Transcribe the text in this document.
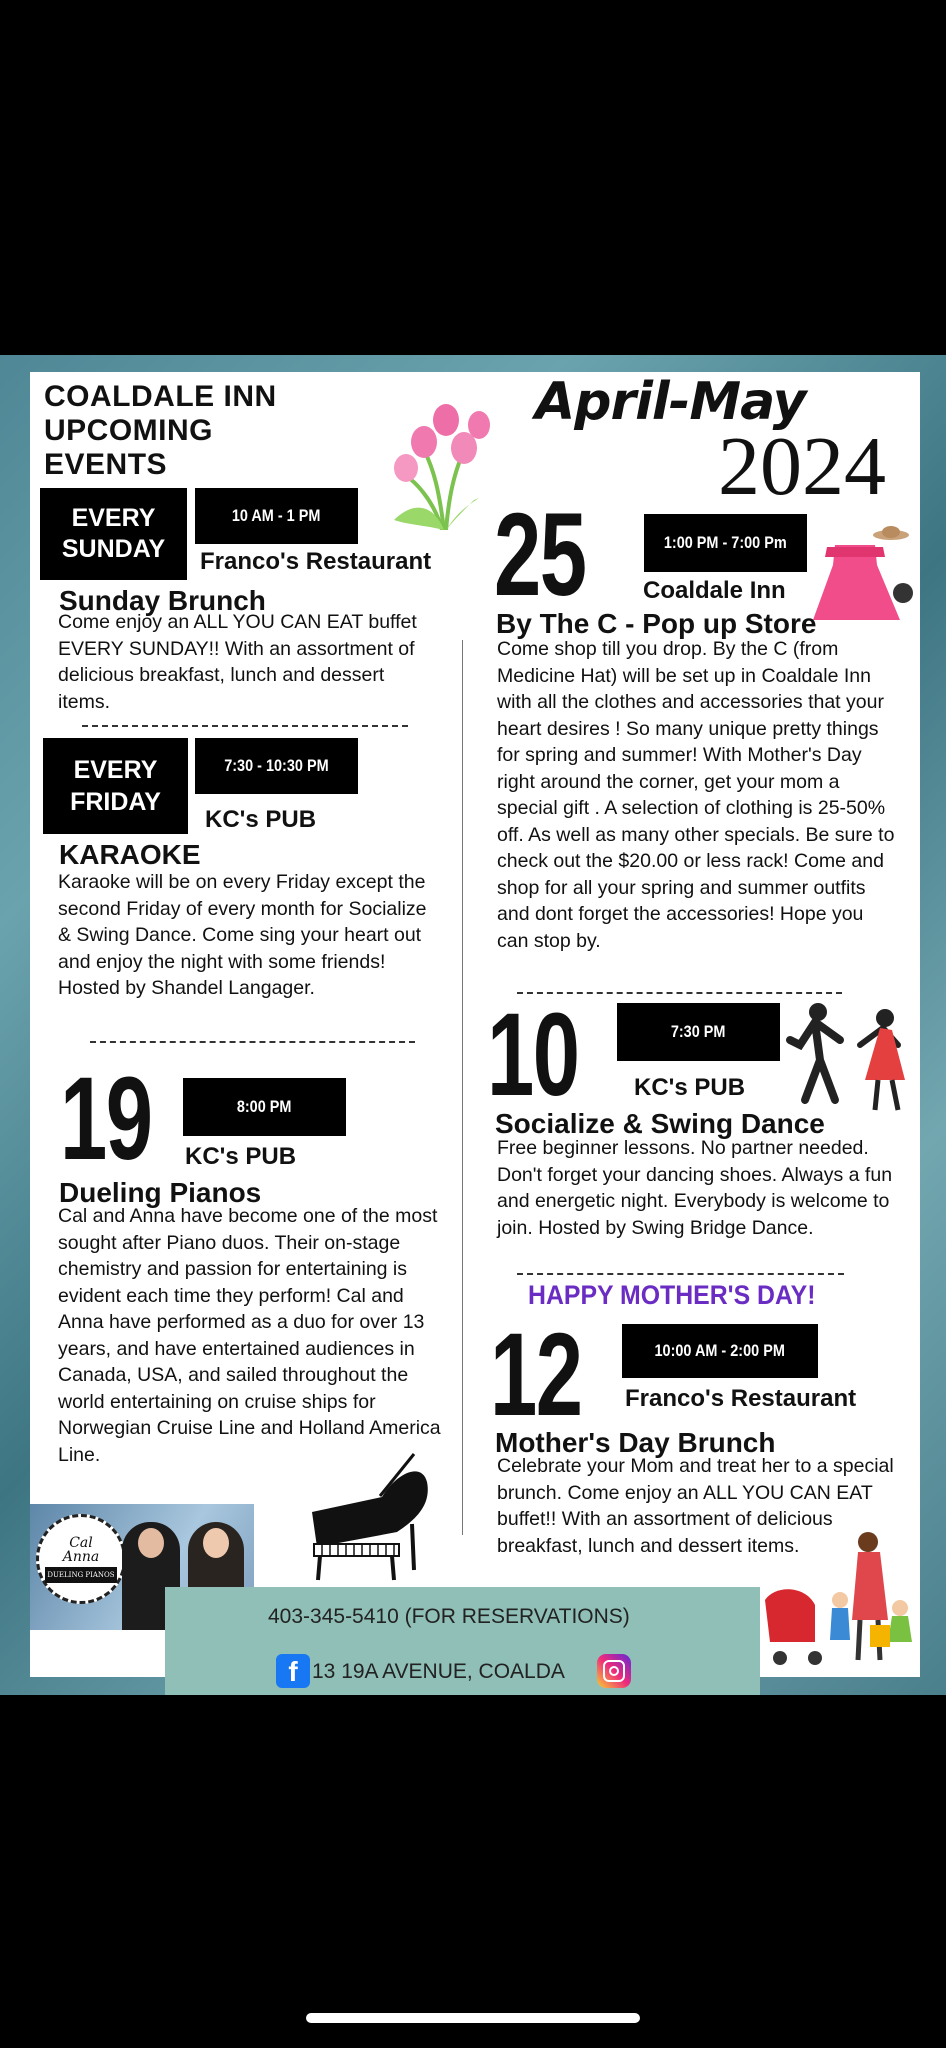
COALDALE INN
UPCOMING
EVENTS
April-May
2024
EVERY
SUNDAY
10 AM - 1 PM
Franco's Restaurant
Sunday Brunch
Come enjoy an ALL YOU CAN EAT buffet EVERY SUNDAY!! With an assortment of delicious breakfast, lunch and dessert items.
EVERY
FRIDAY
7:30 - 10:30 PM
KC's PUB
KARAOKE
Karaoke will be on every Friday except the second Friday of every month for Socialize & Swing Dance. Come sing your heart out and enjoy the night with some friends! Hosted by Shandel Langager.
19	8:00 PM
KC's PUB
Dueling Pianos
Cal and Anna have become one of the most sought after Piano duos. Their on-stage chemistry and passion for entertaining is evident each time they perform! Cal and Anna have performed as a duo for over 13 years, and have entertained audiences in Canada, USA, and sailed throughout the world entertaining on cruise ships for Norwegian Cruise Line and Holland America Line.
Cal
Anna
DUELING PIANOS
25	1:00 PM - 7:00 Pm
Coaldale Inn
By The C - Pop up Store
Come shop till you drop. By the C (from Medicine Hat) will be set up in Coaldale Inn with all the clothes and accessories that your heart desires ! So many unique pretty things for spring and summer! With Mother's Day right around the corner, get your mom a special gift . A selection of clothing is 25-50% off. As well as many other specials. Be sure to check out the $20.00 or less rack! Come and shop for all your spring and summer outfits and dont forget the accessories! Hope you can stop by.
10	7:30 PM
KC's PUB
Socialize & Swing Dance
Free beginner lessons. No partner needed. Don't forget your dancing shoes. Always a fun and energetic night. Everybody is welcome to join. Hosted by Swing Bridge Dance.
HAPPY MOTHER'S DAY!
12	10:00 AM - 2:00 PM
Franco's Restaurant
Mother's Day Brunch
Celebrate your Mom and treat her to a special brunch. Come enjoy an ALL YOU CAN EAT buffet!! With an assortment of delicious breakfast, lunch and dessert items.
403-345-5410 (FOR RESERVATIONS)
f 13 19A AVENUE, COALDA
